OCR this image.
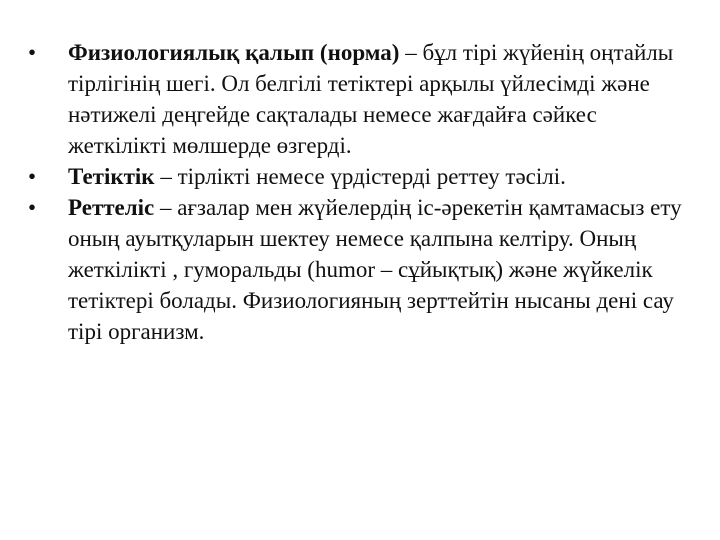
•	Физиологиялық қалып (норма) – бұл тірі жүйенің оңтайлы тірлігінің шегі. Ол белгілі тетіктері арқылы үйлесімді және нәтижелі деңгейде сақталады немесе жағдайға сәйкес жеткілікті мөлшерде өзгерді.
•	Тетіктік – тірлікті немесе үрдістерді реттеу тәсілі.
•	Реттеліс – ағзалар мен жүйелердің іс-әрекетін қамтамасыз ету оның ауытқуларын шектеу немесе қалпына келтіру. Оның жеткілікті , гуморальды (humor – сұйықтық) және жүйкелік тетіктері болады. Физиологияның зерттейтін нысаны дені сау тірі организм.
